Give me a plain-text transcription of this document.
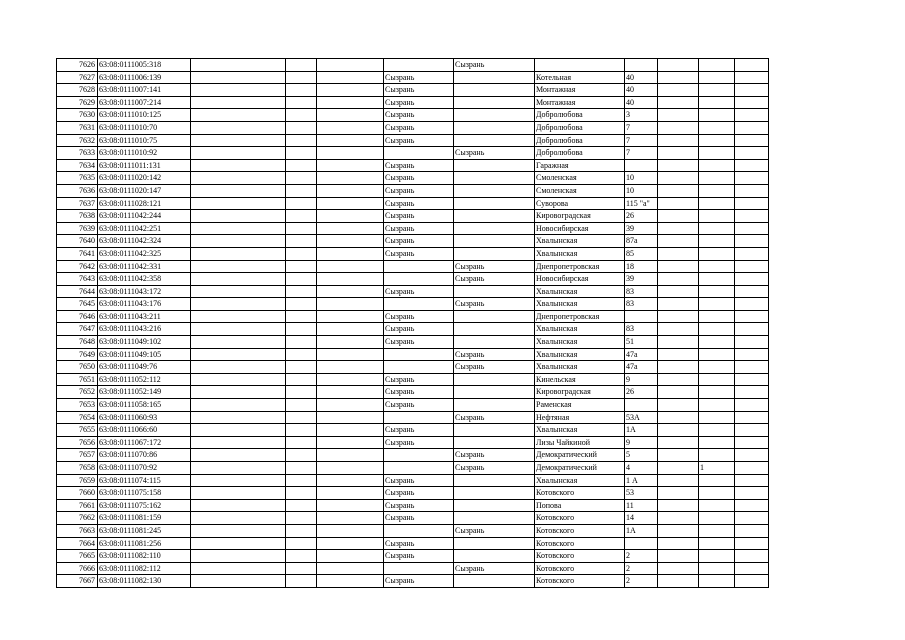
7626	63:08:0111005:318					Сызрань					
7627	63:08:0111006:139				Сызрань		Котельная	40			
7628	63:08:0111007:141				Сызрань		Монтажная	40			
7629	63:08:0111007:214				Сызрань		Монтажная	40			
7630	63:08:0111010:125				Сызрань		Добролюбова	3			
7631	63:08:0111010:70				Сызрань		Добролюбова	7			
7632	63:08:0111010:75				Сызрань		Добролюбова	7			
7633	63:08:0111010:92					Сызрань	Добролюбова	7			
7634	63:08:0111011:131				Сызрань		Гаражная				
7635	63:08:0111020:142				Сызрань		Смоленская	10			
7636	63:08:0111020:147				Сызрань		Смоленская	10			
7637	63:08:0111028:121				Сызрань		Суворова	115 "а"			
7638	63:08:0111042:244				Сызрань		Кировоградская	26			
7639	63:08:0111042:251				Сызрань		Новосибирская	39			
7640	63:08:0111042:324				Сызрань		Хвалынская	87а			
7641	63:08:0111042:325				Сызрань		Хвалынская	85			
7642	63:08:0111042:331					Сызрань	Днепропетровская	18			
7643	63:08:0111042:358					Сызрань	Новосибирская	39			
7644	63:08:0111043:172				Сызрань		Хвалынская	83			
7645	63:08:0111043:176					Сызрань	Хвалынская	83			
7646	63:08:0111043:211				Сызрань		Днепропетровская				
7647	63:08:0111043:216				Сызрань		Хвалынская	83			
7648	63:08:0111049:102				Сызрань		Хвалынская	51			
7649	63:08:0111049:105					Сызрань	Хвалынская	47а			
7650	63:08:0111049:76					Сызрань	Хвалынская	47а			
7651	63:08:0111052:112				Сызрань		Кинельская	9			
7652	63:08:0111052:149				Сызрань		Кировоградская	26			
7653	63:08:0111058:165				Сызрань		Раменская				
7654	63:08:0111060:93					Сызрань	Нефтяная	53А			
7655	63:08:0111066:60				Сызрань		Хвалынская	1А			
7656	63:08:0111067:172				Сызрань		Лизы Чайкиной	9			
7657	63:08:0111070:86					Сызрань	Демократический	5			
7658	63:08:0111070:92					Сызрань	Демократический	4		1	
7659	63:08:0111074:115				Сызрань		Хвалынская	1 А			
7660	63:08:0111075:158				Сызрань		Котовского	53			
7661	63:08:0111075:162				Сызрань		Попова	11			
7662	63:08:0111081:159				Сызрань		Котовского	14			
7663	63:08:0111081:245					Сызрань	Котовского	1А			
7664	63:08:0111081:256				Сызрань		Котовского				
7665	63:08:0111082:110				Сызрань		Котовского	2			
7666	63:08:0111082:112					Сызрань	Котовского	2			
7667	63:08:0111082:130				Сызрань		Котовского	2			
